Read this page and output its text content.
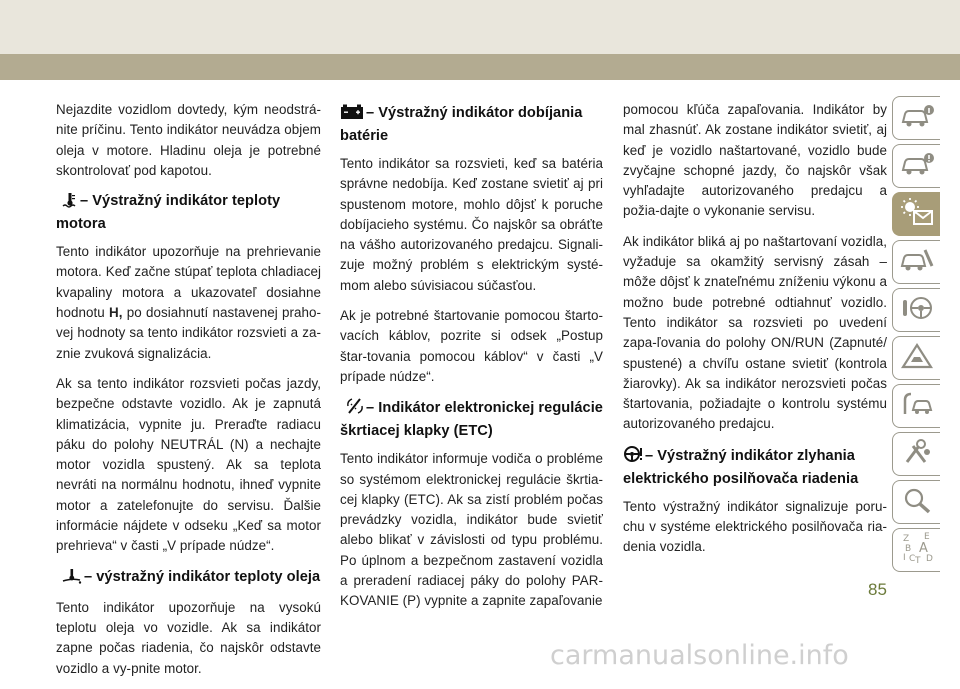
Nejazdite vozidlom dovtedy, kým neodstrá-nite príčinu. Tento indikátor neuvádza objem oleja v motore. Hladinu oleja je potrebné skontrolovať pod kapotou.

– Výstražný indikátor teploty motora

Tento indikátor upozorňuje na prehrievanie motora. Keď začne stúpať teplota chladiacej kvapaliny motora a ukazovateľ dosiahne hodnotu H, po dosiahnutí nastavenej praho-vej hodnoty sa tento indikátor rozsvieti a za-znie zvuková signalizácia.

Ak sa tento indikátor rozsvieti počas jazdy, bezpečne odstavte vozidlo. Ak je zapnutá klimatizácia, vypnite ju. Preraďte radiacu páku do polohy NEUTRÁL (N) a nechajte motor vozidla spustený. Ak sa teplota nevráti na normálnu hodnotu, ihneď vypnite motor a zatelefonujte do servisu. Ďalšie informácie nájdete v odseku „Keď sa motor prehrieva“ v časti „V prípade núdze“.

– výstražný indikátor teploty oleja

Tento indikátor upozorňuje na vysokú teplotu oleja vo vozidle. Ak sa indikátor zapne počas riadenia, čo najskôr odstavte vozidlo a vy-pnite motor.

– Výstražný indikátor dobíjania batérie

Tento indikátor sa rozsvieti, keď sa batéria správne nedobíja. Keď zostane svietiť aj pri spustenom motore, mohlo dôjsť k poruche dobíjacieho systému. Čo najskôr sa obráťte na vášho autorizovaného predajcu. Signali-zuje možný problém s elektrickým systé-mom alebo súvisiacou súčasťou.

Ak je potrebné štartovanie pomocou štarto-vacích káblov, pozrite si odsek „Postup štar-tovania pomocou káblov“ v časti „V prípade núdze“.

– Indikátor elektronickej regulácie škrtiacej klapky (ETC)

Tento indikátor informuje vodiča o probléme so systémom elektronickej regulácie škrtia-cej klapky (ETC). Ak sa zistí problém počas prevádzky vozidla, indikátor bude svietiť alebo blikať v závislosti od typu problému. Po úplnom a bezpečnom zastavení vozidla a preradení radiacej páky do polohy PAR-KOVANIE (P) vypnite a zapnite zapaľovanie

pomocou kľúča zapaľovania. Indikátor by mal zhasnúť. Ak zostane indikátor svietiť, aj keď je vozidlo naštartované, vozidlo bude zvyčajne schopné jazdy, čo najskôr však vyhľadajte autorizovaného predajcu a požia-dajte o vykonanie servisu.

Ak indikátor bliká aj po naštartovaní vozidla, vyžaduje sa okamžitý servisný zásah – môže dôjsť k znateľnému zníženiu výkonu a možno bude potrebné odtiahnuť vozidlo. Tento indikátor sa rozsvieti po uvedení zapa-ľovania do polohy ON/RUN (Zapnuté/ spustené) a chvíľu ostane svietiť (kontrola žiarovky). Ak sa indikátor nerozsvieti počas štartovania, požiadajte o kontrolu systému autorizovaného predajcu.

– Výstražný indikátor zlyhania elektrického posilňovača riadenia

Tento výstražný indikátor signalizuje poru-chu v systéme elektrického posilňovača ria-denia vozidla.

Z E
B A
C D
I T
85
carmanualsonline.info
